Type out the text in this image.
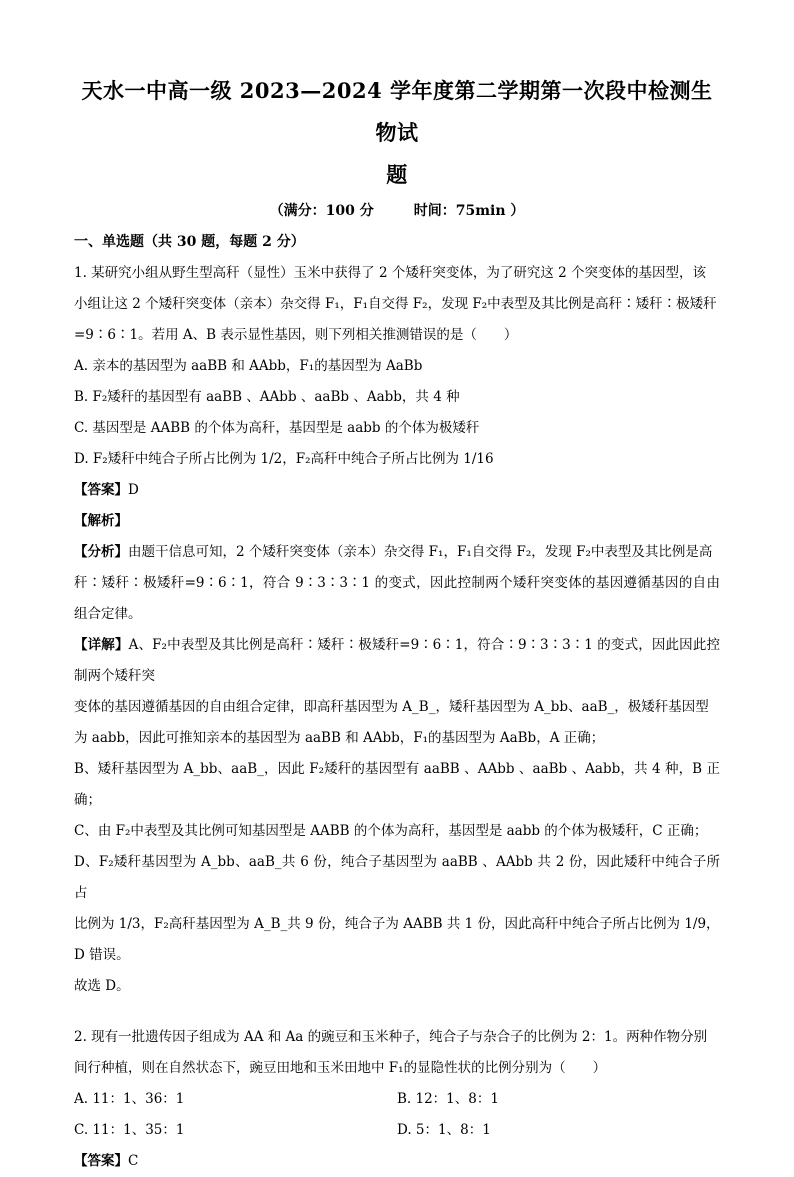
天水一中高一级 2023—2024 学年度第二学期第一次段中检测生物试
题
（满分：100 分	时间：75min ）
一、单选题（共 30 题，每题 2 分）

1. 某研究小组从野生型高秆（显性）玉米中获得了 2 个矮秆突变体，为了研究这 2 个突变体的基因型，该

小组让这 2 个矮秆突变体（亲本）杂交得 F₁，F₁自交得 F₂，发现 F₂中表型及其比例是高秆∶矮秆∶极矮秆

=9∶6∶1。若用 A、B 表示显性基因，则下列相关推测错误的是（　　）

A. 亲本的基因型为 aaBB 和 AAbb，F₁的基因型为 AaBb

B. F₂矮秆的基因型有 aaBB 、AAbb 、aaBb 、Aabb，共 4 种

C. 基因型是 AABB 的个体为高秆，基因型是 aabb 的个体为极矮秆

D. F₂矮秆中纯合子所占比例为 1/2，F₂高秆中纯合子所占比例为 1/16

【答案】D

【解析】

【分析】由题干信息可知，2 个矮秆突变体（亲本）杂交得 F₁，F₁自交得 F₂，发现 F₂中表型及其比例是高

秆∶矮秆∶极矮秆=9∶6∶1，符合 9∶3∶3∶1 的变式，因此控制两个矮秆突变体的基因遵循基因的自由组合定律。

【详解】A、F₂中表型及其比例是高秆∶矮秆∶极矮秆=9∶6∶1，符合∶9∶3∶3∶1 的变式，因此因此控制两个矮秆突

变体的基因遵循基因的自由组合定律，即高秆基因型为 A_B_，矮秆基因型为 A_bb、aaB_，极矮秆基因型

为 aabb，因此可推知亲本的基因型为 aaBB 和 AAbb，F₁的基因型为 AaBb，A 正确；

B、矮秆基因型为 A_bb、aaB_，因此 F₂矮秆的基因型有 aaBB 、AAbb 、aaBb 、Aabb，共 4 种，B 正确；

C、由 F₂中表型及其比例可知基因型是 AABB 的个体为高秆，基因型是 aabb 的个体为极矮秆，C 正确；

D、F₂矮秆基因型为 A_bb、aaB_共 6 份，纯合子基因型为 aaBB 、AAbb 共 2 份，因此矮秆中纯合子所占

比例为 1/3，F₂高秆基因型为 A_B_共 9 份，纯合子为 AABB 共 1 份，因此高秆中纯合子所占比例为 1/9，

D 错误。

故选 D。

2. 现有一批遗传因子组成为 AA 和 Aa 的豌豆和玉米种子，纯合子与杂合子的比例为 2：1。两种作物分别

间行种植，则在自然状态下，豌豆田地和玉米田地中 F₁的显隐性状的比例分别为（　　）

A. 11：1、36：1	B. 12：1、8：1
C. 11：1、35：1	D. 5：1、8：1

【答案】C
